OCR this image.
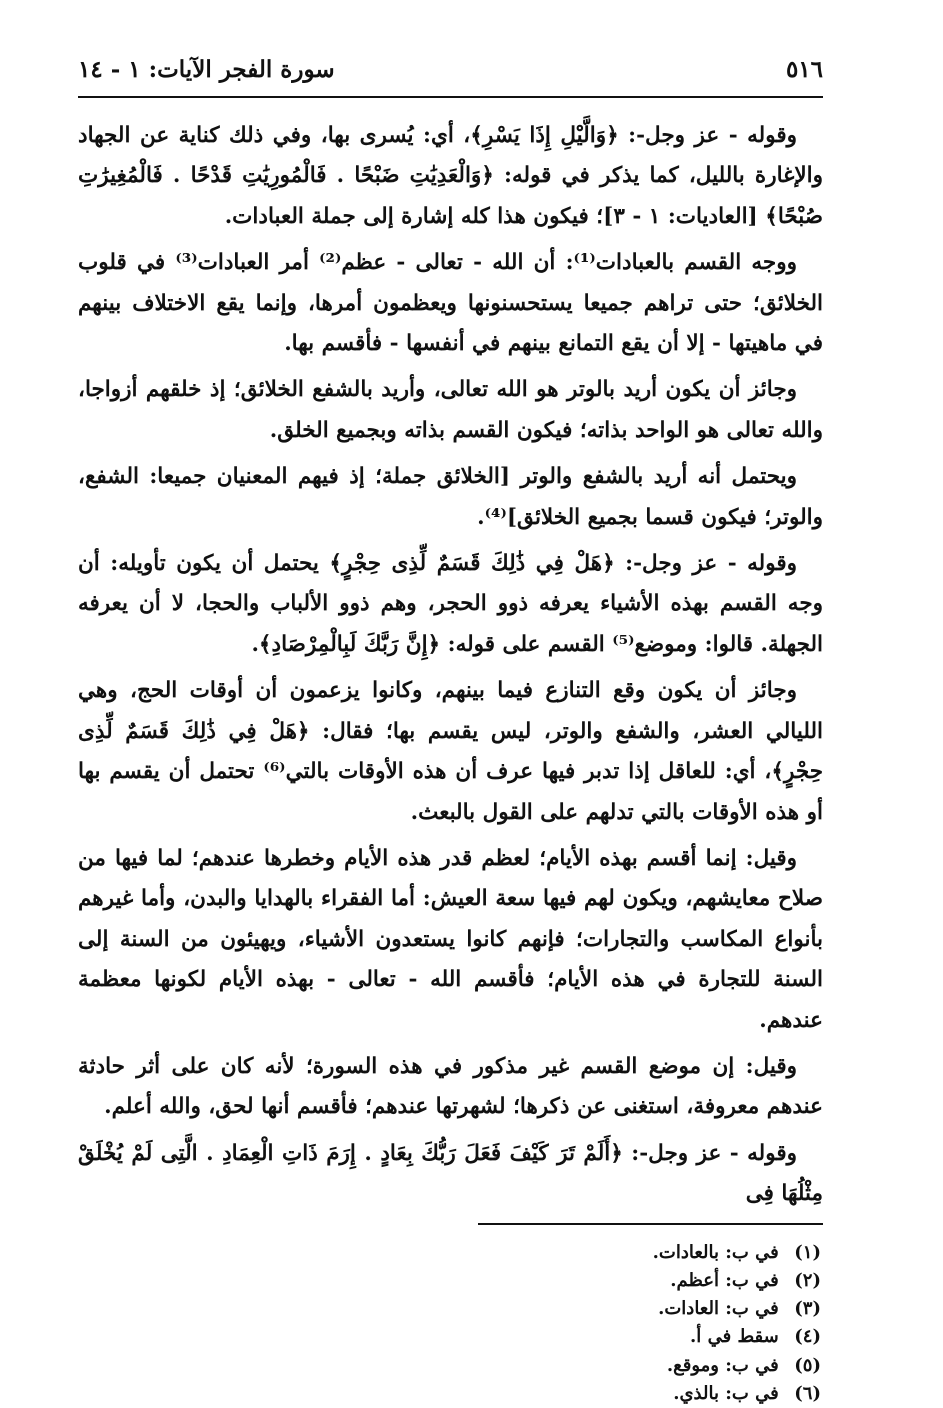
٥١٦
سورة الفجر الآيات: ١ - ١٤

وقوله - عز وجل-: ﴿وَالَّيْلِ إِذَا يَسْرِ﴾، أي: يُسرى بها، وفي ذلك كناية عن الجهاد والإغارة بالليل، كما يذكر في قوله: ﴿وَالْعَدِيَٰتِ ضَبْحًا . فَالْمُورِيَٰتِ قَدْحًا . فَالْمُغِيرَٰتِ صُبْحًا﴾ [العاديات: ١ - ٣]؛ فيكون هذا كله إشارة إلى جملة العبادات.

ووجه القسم بالعبادات⁽¹⁾: أن الله - تعالى - عظم⁽²⁾ أمر العبادات⁽³⁾ في قلوب الخلائق؛ حتى تراهم جميعا يستحسنونها ويعظمون أمرها، وإنما يقع الاختلاف بينهم في ماهيتها - إلا أن يقع التمانع بينهم في أنفسها - فأقسم بها.

وجائز أن يكون أريد بالوتر هو الله تعالى، وأريد بالشفع الخلائق؛ إذ خلقهم أزواجا، والله تعالى هو الواحد بذاته؛ فيكون القسم بذاته وبجميع الخلق.

ويحتمل أنه أريد بالشفع والوتر [الخلائق جملة؛ إذ فيهم المعنيان جميعا: الشفع، والوتر؛ فيكون قسما بجميع الخلائق]⁽⁴⁾.

وقوله - عز وجل-: ﴿هَلْ فِي ذَٰلِكَ قَسَمٌ لِّذِى حِجْرٍ﴾ يحتمل أن يكون تأويله: أن وجه القسم بهذه الأشياء يعرفه ذوو الحجر، وهم ذوو الألباب والحجا، لا أن يعرفه الجهلة. قالوا: وموضع⁽⁵⁾ القسم على قوله: ﴿إِنَّ رَبَّكَ لَبِالْمِرْصَادِ﴾.

وجائز أن يكون وقع التنازع فيما بينهم، وكانوا يزعمون أن أوقات الحج، وهي الليالي العشر، والشفع والوتر، ليس يقسم بها؛ فقال: ﴿هَلْ فِي ذَٰلِكَ قَسَمٌ لِّذِى حِجْرٍ﴾، أي: للعاقل إذا تدبر فيها عرف أن هذه الأوقات بالتي⁽⁶⁾ تحتمل أن يقسم بها أو هذه الأوقات بالتي تدلهم على القول بالبعث.

وقيل: إنما أقسم بهذه الأيام؛ لعظم قدر هذه الأيام وخطرها عندهم؛ لما فيها من صلاح معايشهم، ويكون لهم فيها سعة العيش: أما الفقراء بالهدايا والبدن، وأما غيرهم بأنواع المكاسب والتجارات؛ فإنهم كانوا يستعدون الأشياء، ويهيئون من السنة إلى السنة للتجارة في هذه الأيام؛ فأقسم الله - تعالى - بهذه الأيام لكونها معظمة عندهم.

وقيل: إن موضع القسم غير مذكور في هذه السورة؛ لأنه كان على أثر حادثة عندهم معروفة، استغنى عن ذكرها؛ لشهرتها عندهم؛ فأقسم أنها لحق، والله أعلم.

وقوله - عز وجل-: ﴿أَلَمْ تَرَ كَيْفَ فَعَلَ رَبُّكَ بِعَادٍ . إِرَمَ ذَاتِ الْعِمَادِ . الَّتِى لَمْ يُخْلَقْ مِثْلُهَا فِى

(١) في ب: بالعادات.
(٢) في ب: أعظم.
(٣) في ب: العادات.
(٤) سقط في أ.
(٥) في ب: وموقع.
(٦) في ب: بالذي.
